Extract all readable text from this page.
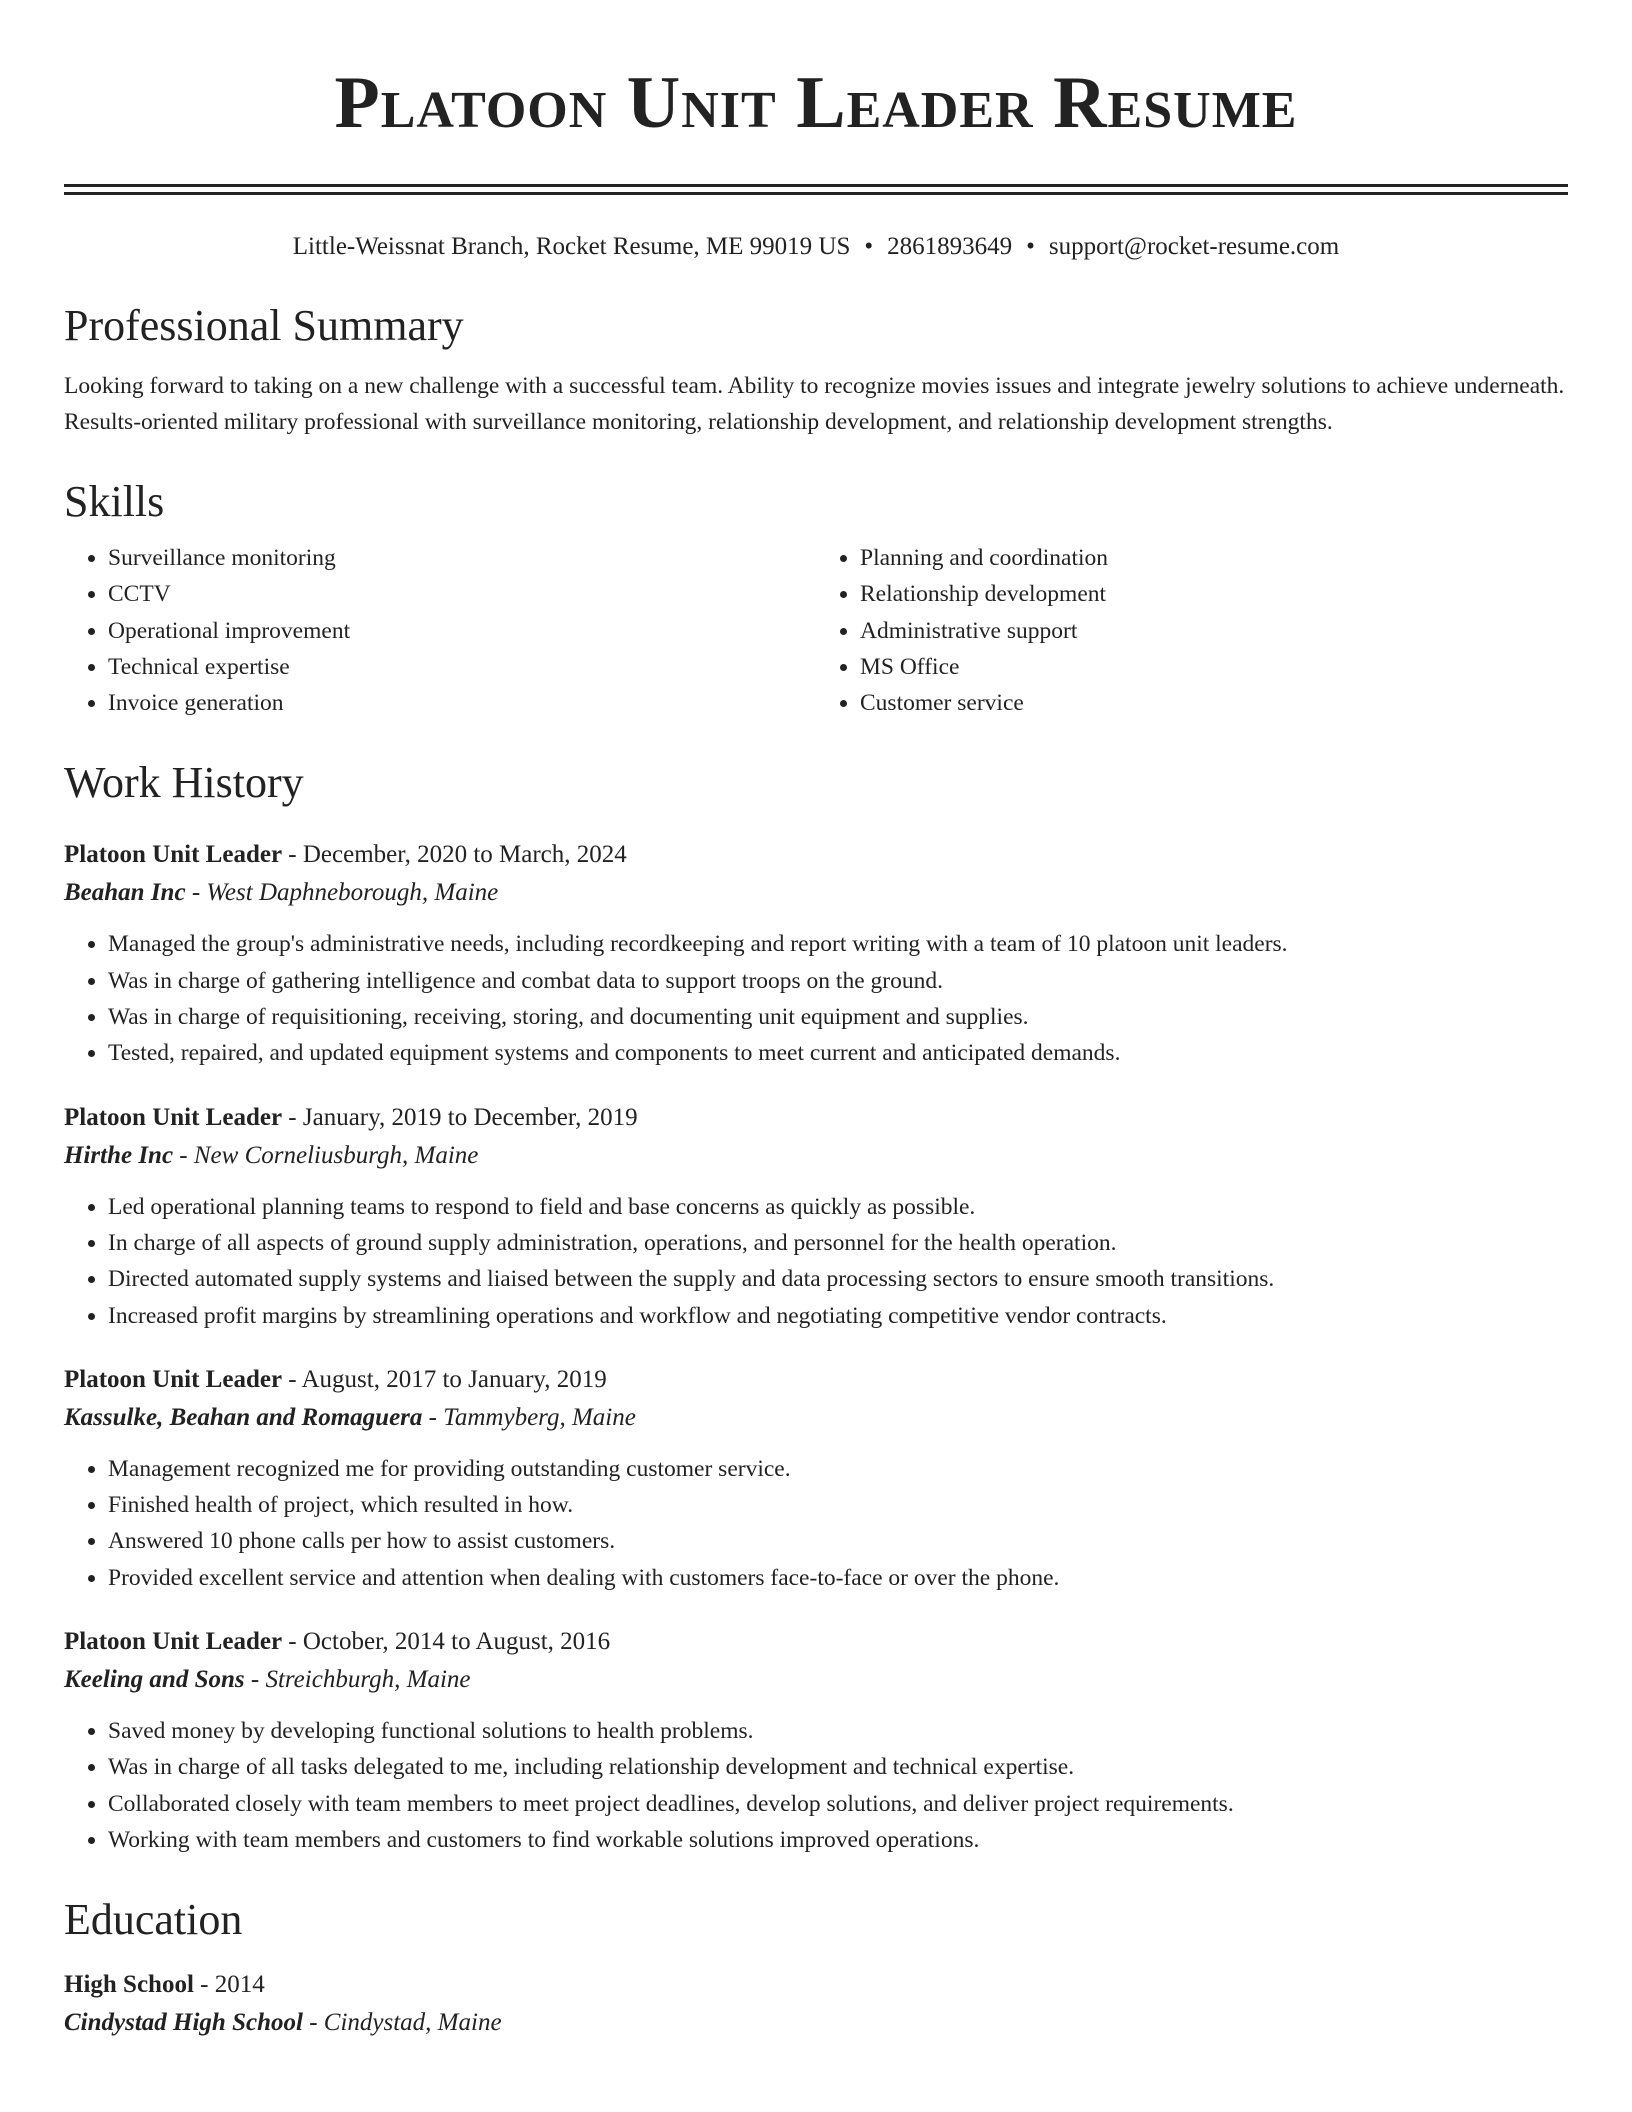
Platoon Unit Leader Resume
Little-Weissnat Branch, Rocket Resume, ME 99019 US • 2861893649 • support@rocket-resume.com
Professional Summary

Looking forward to taking on a new challenge with a successful team. Ability to recognize movies issues and integrate jewelry solutions to achieve underneath. Results-oriented military professional with surveillance monitoring, relationship development, and relationship development strengths.

Skills
• Surveillance monitoring
• CCTV
• Operational improvement
• Technical expertise
• Invoice generation
• Planning and coordination
• Relationship development
• Administrative support
• MS Office
• Customer service
Work History
Platoon Unit Leader - December, 2020 to March, 2024
Beahan Inc - West Daphneborough, Maine
• Managed the group's administrative needs, including recordkeeping and report writing with a team of 10 platoon unit leaders.
• Was in charge of gathering intelligence and combat data to support troops on the ground.
• Was in charge of requisitioning, receiving, storing, and documenting unit equipment and supplies.
• Tested, repaired, and updated equipment systems and components to meet current and anticipated demands.
Platoon Unit Leader - January, 2019 to December, 2019
Hirthe Inc - New Corneliusburgh, Maine
• Led operational planning teams to respond to field and base concerns as quickly as possible.
• In charge of all aspects of ground supply administration, operations, and personnel for the health operation.
• Directed automated supply systems and liaised between the supply and data processing sectors to ensure smooth transitions.
• Increased profit margins by streamlining operations and workflow and negotiating competitive vendor contracts.
Platoon Unit Leader - August, 2017 to January, 2019
Kassulke, Beahan and Romaguera - Tammyberg, Maine
• Management recognized me for providing outstanding customer service.
• Finished health of project, which resulted in how.
• Answered 10 phone calls per how to assist customers.
• Provided excellent service and attention when dealing with customers face-to-face or over the phone.
Platoon Unit Leader - October, 2014 to August, 2016
Keeling and Sons - Streichburgh, Maine
• Saved money by developing functional solutions to health problems.
• Was in charge of all tasks delegated to me, including relationship development and technical expertise.
• Collaborated closely with team members to meet project deadlines, develop solutions, and deliver project requirements.
• Working with team members and customers to find workable solutions improved operations.
Education
High School - 2014
Cindystad High School - Cindystad, Maine
